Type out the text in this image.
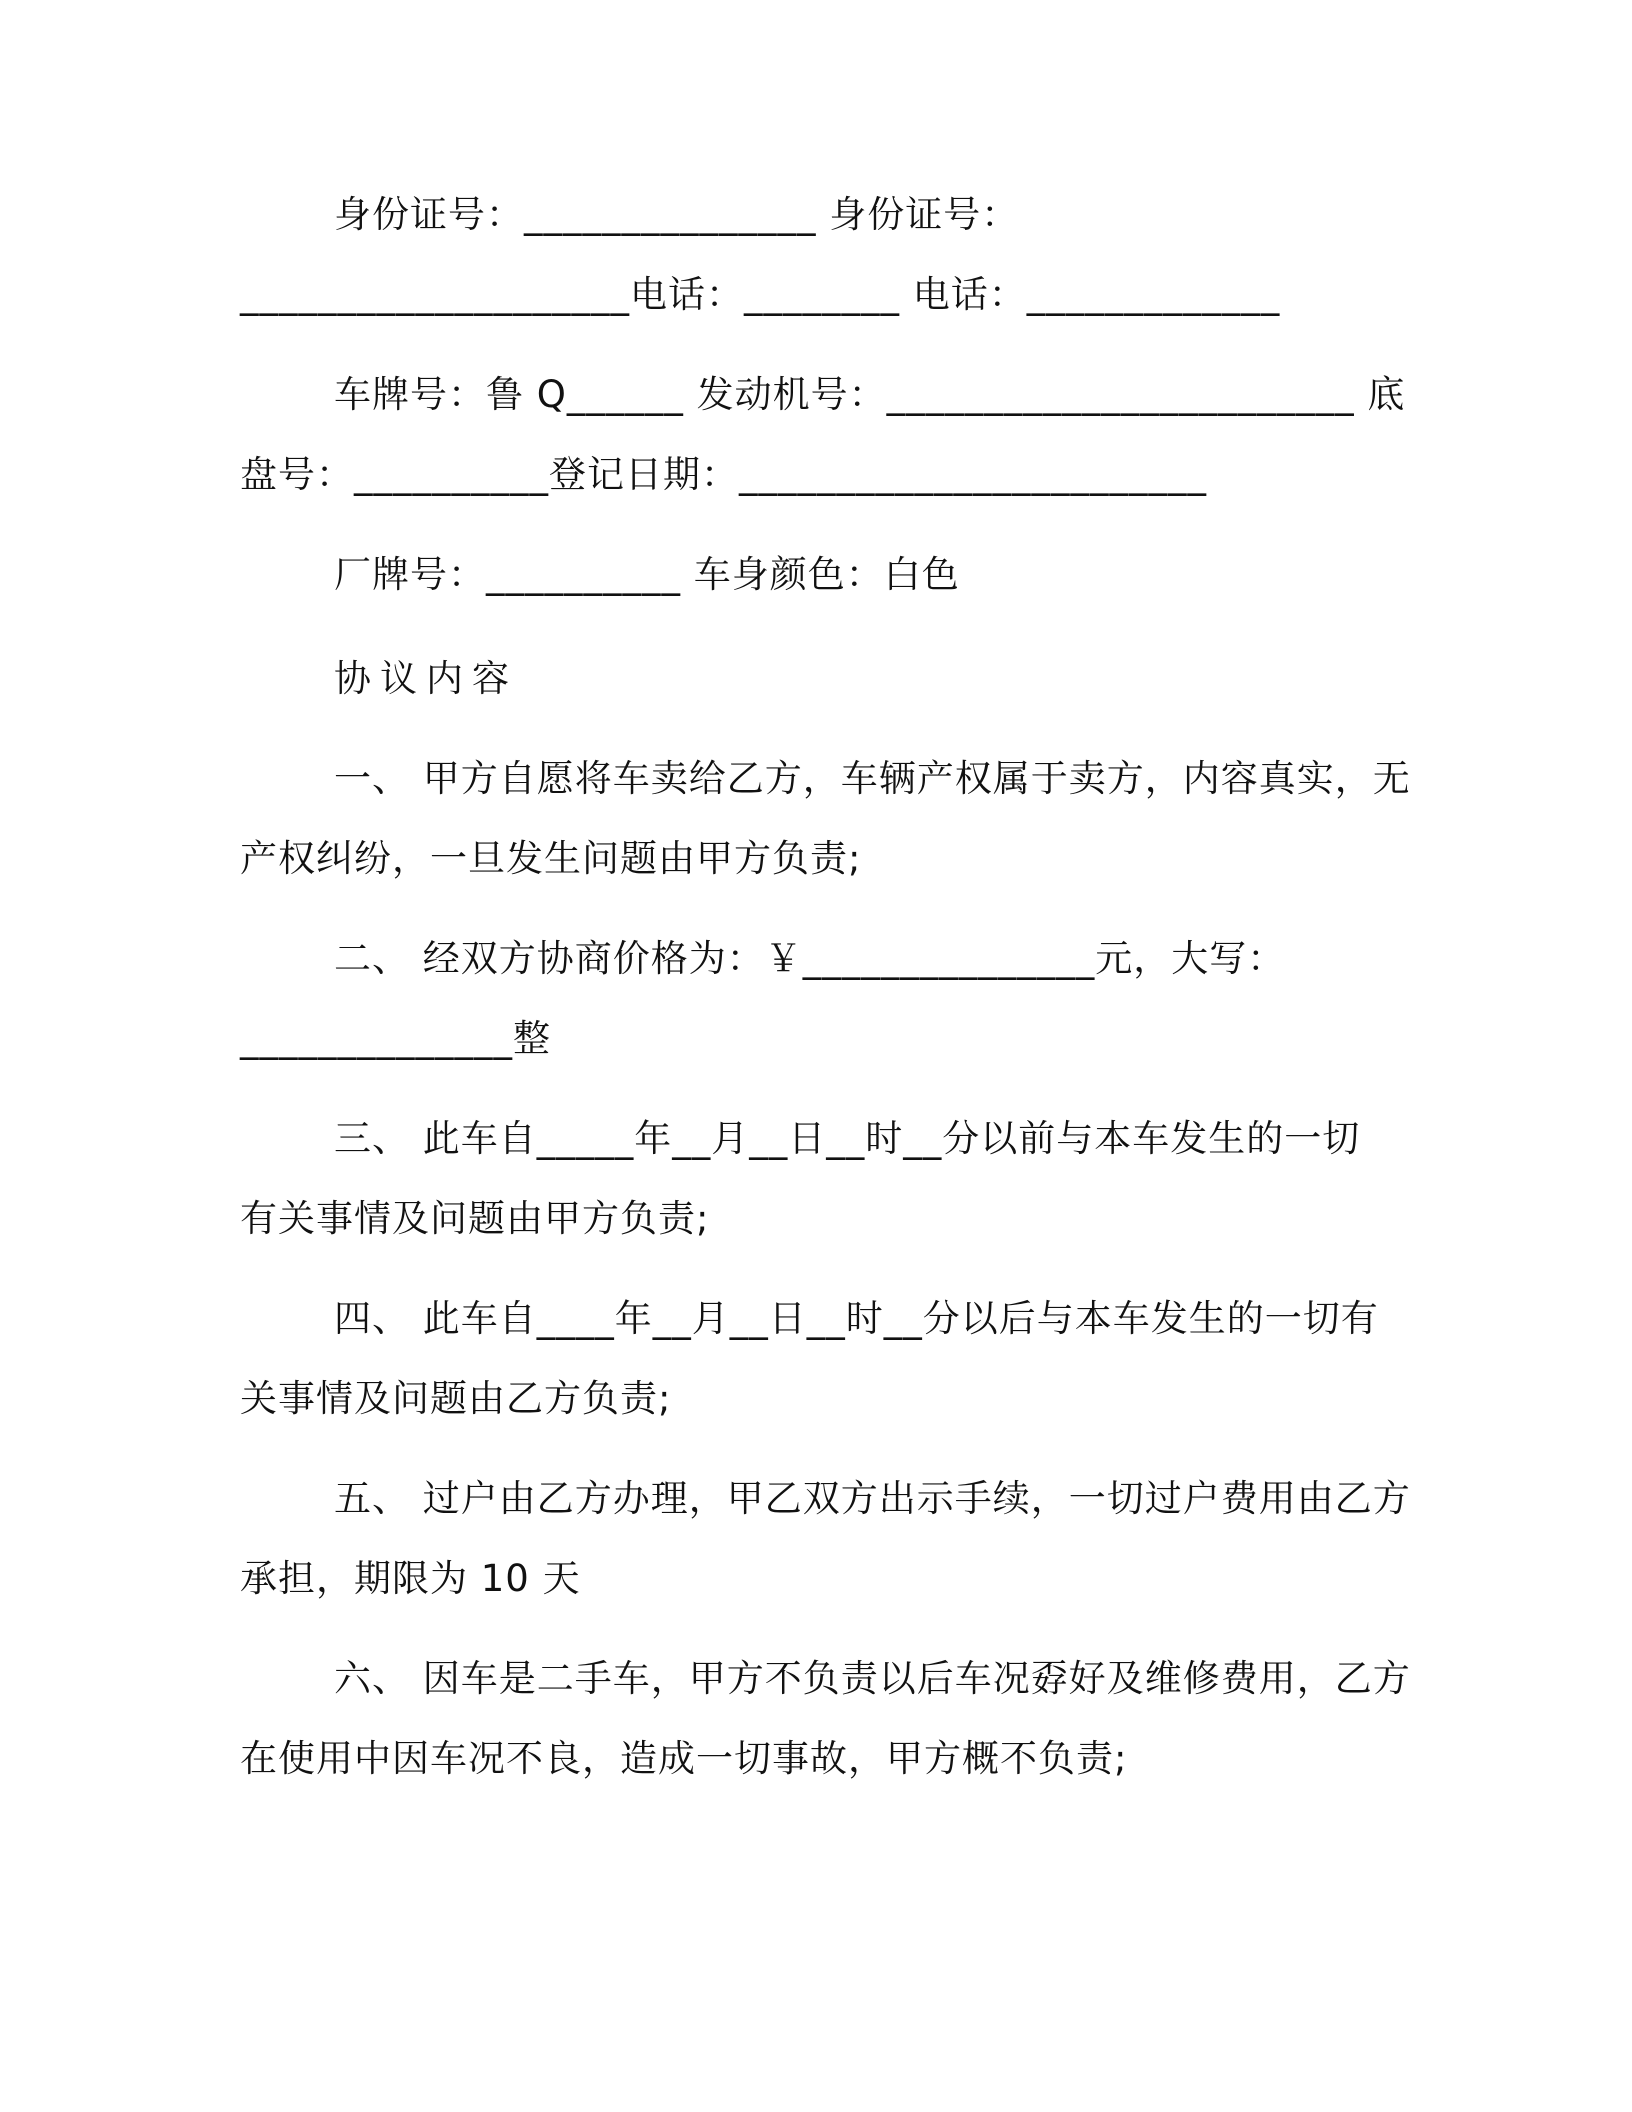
身份证号：_______________ 身份证号：
____________________电话：________ 电话：_____________
车牌号：鲁 Q______ 发动机号：________________________ 底
盘号：__________登记日期：________________________
厂牌号：__________ 车身颜色：白色
协议内容
一、 甲方自愿将车卖给乙方，车辆产权属于卖方，内容真实，无
产权纠纷，一旦发生问题由甲方负责;
二、 经双方协商价格为：￥_______________元，大写：
______________整
三、 此车自_____年__月__日__时__分以前与本车发生的一切
有关事情及问题由甲方负责;
四、 此车自____年__月__日__时__分以后与本车发生的一切有
关事情及问题由乙方负责;
五、 过户由乙方办理，甲乙双方出示手续，一切过户费用由乙方
承担，期限为 10 天
六、 因车是二手车，甲方不负责以后车况孬好及维修费用，乙方
在使用中因车况不良，造成一切事故，甲方概不负责;
